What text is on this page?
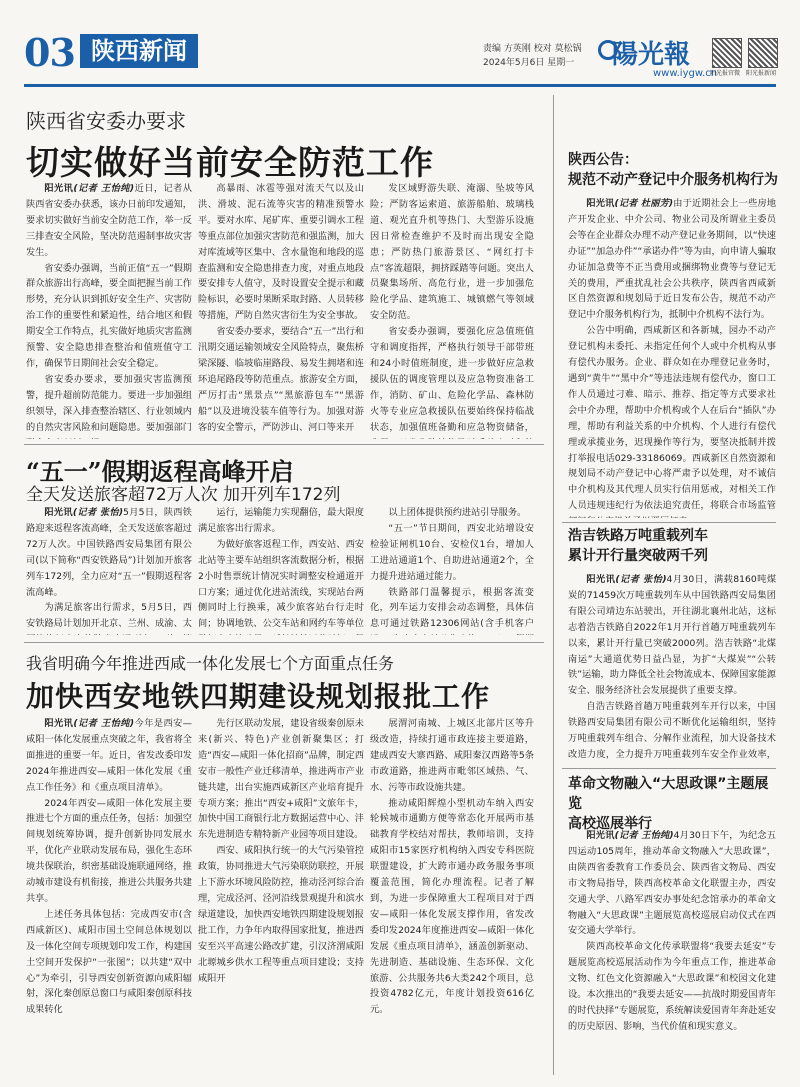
03 陕西新闻	责编 方英刚 校对 莫松锅
2024年5月6日 星期一 陽光報
www.iygw.cn
阳光报官微 阳光报新闻
陕西省安委办要求
切实做好当前安全防范工作

阳光讯(记者 王怡纯)近日，记者从陕西省安委办获悉，该办日前印发通知，要求切实做好当前安全防范工作，举一反三排查安全风险，坚决防范遏制事故灾害发生。

省安委办强调，当前正值“五一”假期群众旅游出行高峰，要全面把握当前工作形势，充分认识到抓好安全生产、灾害防治工作的重要性和紧迫性，结合地区和假期安全工作特点，扎实做好地质灾害监测预警、安全隐患排查整治和值班值守工作，确保节日期间社会安全稳定。

省安委办要求，要加强灾害监测预警，提升超前防范能力。要进一步加强组织领导，深入排查整治辖区、行业领域内的自然灾害风险和问题隐患。要加强部门

高暴雨、冰雹等强对流天气以及山洪、滑坡、泥石流等灾害的精准预警水平。要对水库、尾矿库、重要引调水工程等重点部位加强灾害防范和强监测，加大对库流域等区集中、含水量饱和地段的巡查监测和安全隐患排查力度，对重点地段要安排专人值守，及时设置安全提示和藏险标识，必要时果断采取封路、人员转移等措施，严防自然灾害衍生为安全事故。

省安委办要求，要结合“五一”出行和汛期交通运输领域安全风险特点，聚焦桥梁深隧、临坡临崖路段、易发生拥堵和连环追尾路段等防范重点。旅游安全方面，严厉打击“黑景点”“黑旅游包车”“黑游船”以及进境没装车值等行为。加强对游客的安全警示，严防涉山、河口等来开

发区域野游失联、淹溺、坠坡等风险；严防客运索道、旅游船舶、玻璃栈道、观光直升机等热门、大型游乐设施因日常检查维护不及时而出现安全隐患；严防热门旅游景区、“网红打卡点”客流超限，拥挤踩踏等问题。突出人员聚集场所、高危行业，进一步加强危险化学品、建筑施工、城镇燃气等领域安全防范。

省安委办强调，要强化应急值班值守和调度指挥，严格执行领导干部带班和24小时值班制度，进一步做好应急救援队伍的调度管理以及应急物资准备工作，消防、矿山、危险化学品、森林防火等专业应急救援队伍要始终保持临战状态，加强值班备勤和应急物资储备，

陕西公告：
规范不动产登记中介服务机构行为

阳光讯(记者 杜丽芳)由于近期社会上一些房地产开发企业、中介公司、物业公司及所谓业主委员会等在企业群众办理不动产登记业务期间，以“快速办证”“加急办件”“承诺办件”等为由，向申请人骗取办证加急费等不正当费用或捆绑物业费等与登记无关的费用，严重扰乱社会公共秩序，陕西省西咸新区自然资源和规划局于近日发布公告，规范不动产登记中介服务机构行为，抵制中介机构不法行为。

公告中明确，西咸新区和各新城，园办不动产登记机构未委托、未指定任何个人或中介机构从事有偿代办服务。企业、群众如在办理登记业务时，遇到“黄牛”“黑中介”等违法违规有偿代办，窗口工作人员通过刁难、暗示、推荐、指定等方式要求社会中介办理，帮助中介机构或个人在后台“插队”办理，帮助有利益关系的中介机构、个人进行有偿代理或承揽业务，迟现操作等行为，要坚决抵制并拨打举报电话029-33186069。西咸新区自然资源和规划局不动产登记中心将严肃予以处理，对不诚信中介机构及其代理人员实行信用惩戒，对相关工作人员违规违纪行为依法追究责任，将联合市场监管

“五一”假期返程高峰开启
全天发送旅客超72万人次 加开列车172列

阳光讯(记者 张怡)5月5日，陕西铁路迎来返程客流高峰，全天发送旅客超过72万人次。中国铁路西安局集团有限公司(以下简称“西安铁路局”)计划加开旅客列车172列，全力应对“五一”假期返程客流高峰。

为满足旅客出行需求，5月5日，西安铁路局计划加开北京、兰州、成渝、太

运行，运输能力实现翻倍，最大限度满足旅客出行需求。

为做好旅客返程工作，西安站、西安北站等主要车站组织客流数据分析，根据2小时售票统计情况实时调整安检通道开口方案；通过优化进站流线，实现站台两侧同时上行换乘，减少旅客站台行走时间；协调地铁、公交车站和网约车等单位

以上团体提供预约进站引导服务。

“五一”节日期间，西安北站增设安检验证闸机10台、安检仪1台，增加人工进站通道1个、自助进站通道2个，全力提升进站通过能力。

铁路部门温馨提示，根据客流变化，列车运力安排会动态调整，具体信息可通过铁路12306网站(含手机客户

浩吉铁路万吨重载列车
累计开行量突破两千列

阳光讯(记者 张怡)4月30日，满载8160吨煤炭的71459次万吨重载列车从中国铁路西安局集团有限公司靖边东站驶出，开往湖北襄州北站，这标志着浩吉铁路自2022年1月开行首趟万吨重载列车以来，累计开行量已突破2000列。浩吉铁路“北煤南运”大通道优势日益凸显，为扩“大煤炭”“公转铁”运输，助力降低全社会物流成本、保障国家能源安全、服务经济社会发展提供了重要支撑。

自浩吉铁路首趟万吨重载列车开行以来，中国铁路西安局集团有限公司不断优化运输组织，坚持万吨重载列车组合、分解作业流程，加大设备技术改造力度，全力提升万吨重载列车安全作业效率，

我省明确今年推进西咸一体化发展七个方面重点任务
加快西安地铁四期建设规划报批工作

阳光讯(记者 王怡纯)今年是西安—咸阳一体化发展重点突破之年，我省将全面推进的重要一年。近日，省发改委印发2024年推进西安—咸阳一体化发展《重点工作任务》和《重点项目清单》。

2024年西安—咸阳一体化发展主要推进七个方面的重点任务，包括：加强空间规划统筹协调，提升创新协同发展水平，优化产业联动发展布局，强化生态环境共保联治，织密基础设施联通网络，推动城市建设有机衔接，推进公共服务共建共享。

上述任务具体包括：完成西安市(含西咸新区)、咸阳市国土空间总体规划以及一体化空间专项规划印发工作，构建国土空间开发保护“一张图”；以共建“双中心”为牵引，引导西安创新资源向咸阳辐射，深化秦创原总窗口与咸阳秦创原科技成果转化

先行区联动发展，建设省级秦创原未来(新兴、特色)产业创新聚集区；打造“西安—咸阳一体化招商”品牌，制定西安市一般性产业迁移清单，推进两市产业链共建，出台实施西咸新区产业培育提升专项方案；推出“西安+咸阳”文旅年卡，加快中国工商银行北方数据运营中心、沣东先进制造专精特新产业园等项目建设。

西安、咸阳执行统一的大气污染管控政策，协同推进大气污染联防联控，开展上下游水环境风险防控，推动泾河综合治理，完成泾河、泾河沿线景观提升和滨水绿道建设，加快西安地铁四期建设规划报批工作，力争年内取得国家批复，推进西安至兴平高速公路改扩建，引汉济渭咸阳北塬城乡供水工程等重点项目建设；支持咸阳开

展渭河南城、上城区北部片区等升级改造，持续打通市政连接主要道路，建成西安大寨西路、咸阳秦汉西路等5条市政道路，推进两市毗邻区域热、气、水、污等市政设施共建。

推动咸阳辉煌小型机动车纳入西安轮候城市通勤方便等常态化开展两市基础教育学校结对帮扶，教师培训，支持咸阳市15家医疗机构纳入西安专科医院联盟建设，扩大跨市通办政务服务事项覆盖范围，简化办理流程。记者了解到，为进一步保障重大工程项目对于西安—咸阳一体化发展支撑作用，省发改委印发2024年度推进西安—咸阳一体化发展《重点项目清单》，涵盖创新驱动、先进制造、基础设施、生态环保、文化旅游、公共服务共6大类242个项目，总投资4782亿元，年度计划投资616亿元。

革命文物融入“大思政课”主题展览
高校巡展举行

阳光讯(记者 王怡纯)4月30日下午，为纪念五四运动105周年，推动革命文物融入“大思政课”，由陕西省委教育工作委员会、陕西省文物局、西安市文物局指导，陕西高校革命文化联盟主办，西安交通大学、八路军西安办事处纪念馆承办的革命文物融入“大思政课”主题展览高校巡展启动仪式在西安交通大学举行。

陕西高校革命文化传承联盟将“我要去延安”专题展览高校巡展活动作为今年重点工作，推进革命文物、红色文化资源融入“大思政课”和校园文化建设。本次推出的“我要去延安——抗战时期爱国青年的时代抉择”专题展览，系统解读爱国青年奔赴延安的历史原因、影响，当代价值和现实意义。
